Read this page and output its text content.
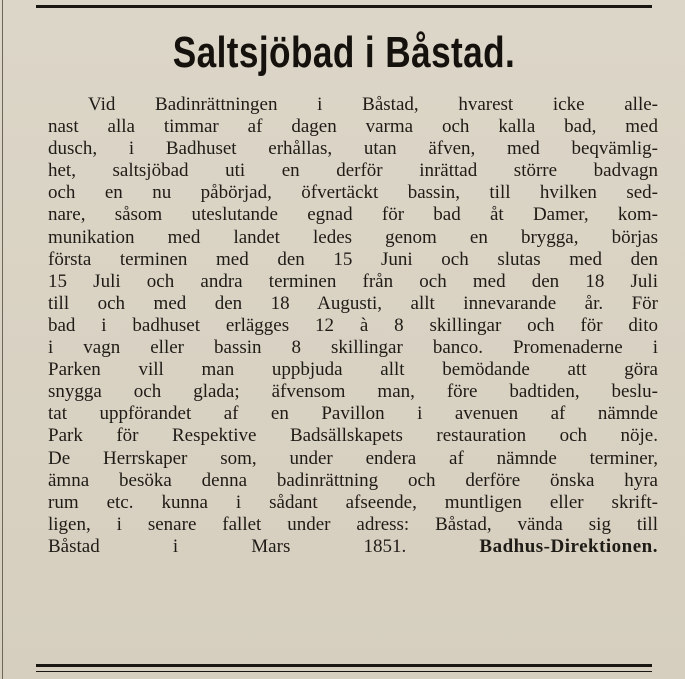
Saltsjöbad i Båstad.
Vid Badinrättningen i Båstad, hvarest icke alle-
nast alla timmar af dagen varma och kalla bad, med
dusch, i Badhuset erhållas, utan äfven, med beqvämlig-
het, saltsjöbad uti en derför inrättad större badvagn
och en nu påbörjad, öfvertäckt bassin, till hvilken sed-
nare, såsom uteslutande egnad för bad åt Damer, kom-
munikation med landet ledes genom en brygga, börjas
första terminen med den 15 Juni och slutas med den
15 Juli och andra terminen från och med den 18 Juli
till och med den 18 Augusti, allt innevarande år. För
bad i badhuset erlägges 12 à 8 skillingar och för dito
i vagn eller bassin 8 skillingar banco. Promenaderne i
Parken vill man uppbjuda allt bemödande att göra
snygga och glada; äfvensom man, före badtiden, beslu-
tat uppförandet af en Pavillon i avenuen af nämnde
Park för Respektive Badsällskapets restauration och nöje.
De Herrskaper som, under endera af nämnde terminer,
ämna besöka denna badinrättning och derföre önska hyra
rum etc. kunna i sådant afseende, muntligen eller skrift-
ligen, i senare fallet under adress: Båstad, vända sig till
Båstad i Mars 1851.	Badhus-Direktionen.
